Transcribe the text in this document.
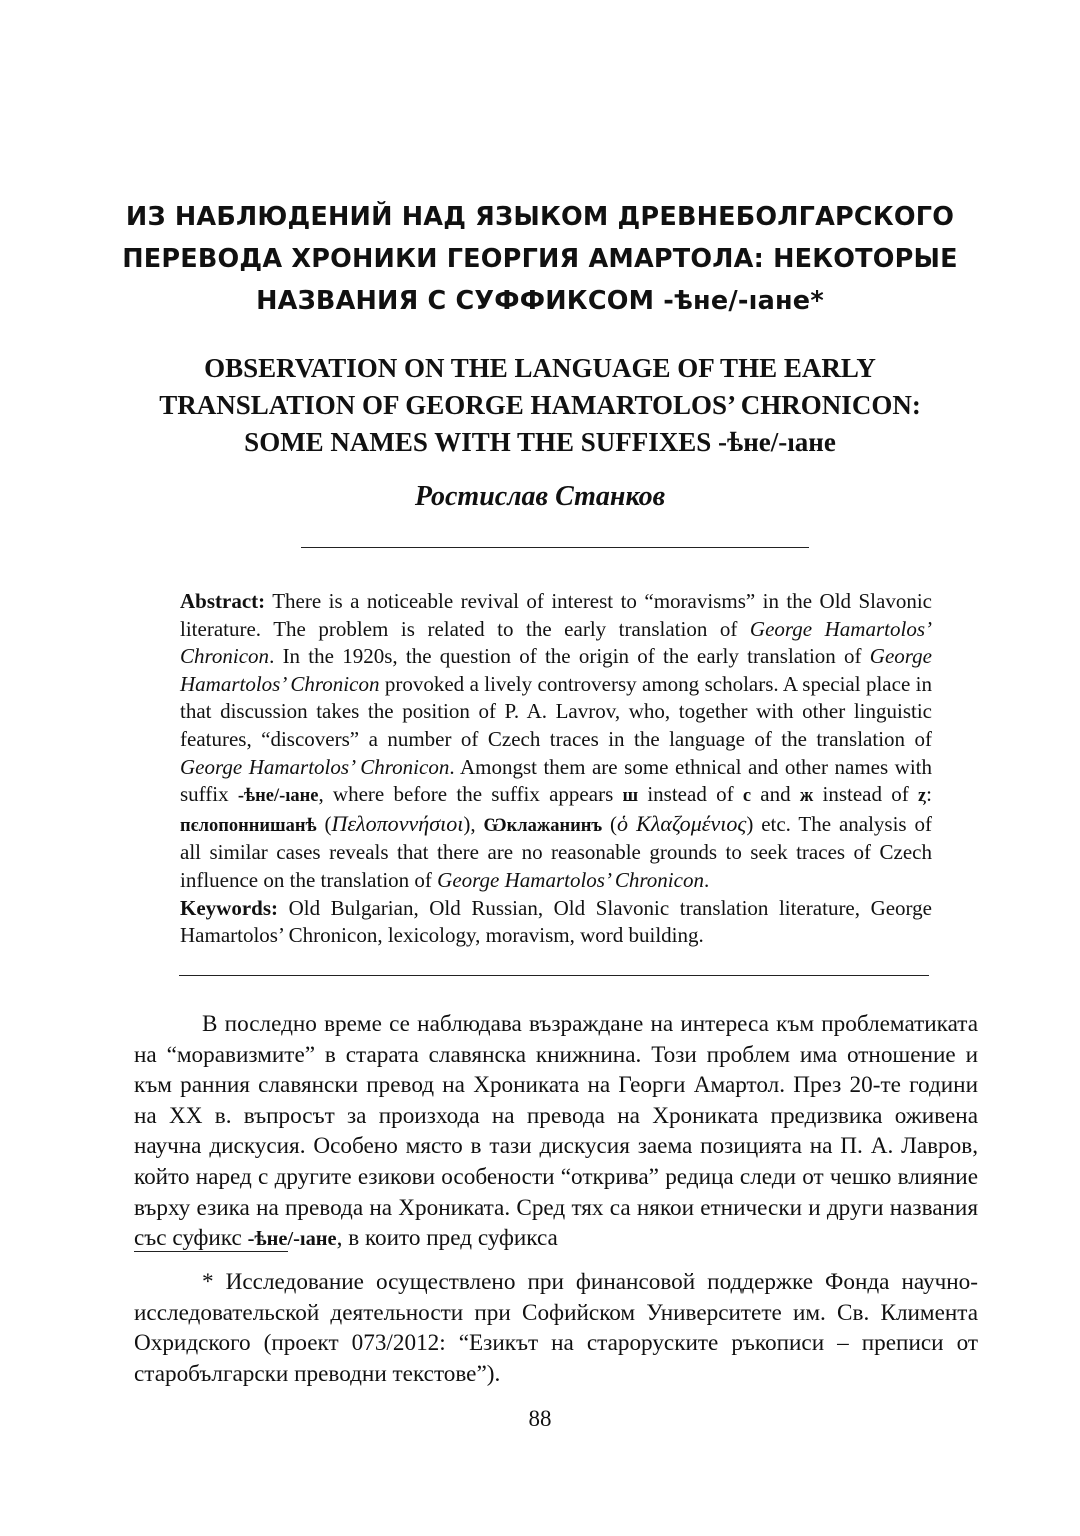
ИЗ НАБЛЮДЕНИЙ НАД ЯЗЫКОМ ДРЕВНЕБОЛГАРСКОГО
ПЕРЕВОДА ХРОНИКИ ГЕОРГИЯ АМАРТОЛА: НЕКОТОРЫЕ
НАЗВАНИЯ С СУФФИКСОМ -ѣне/-ıане*
OBSERVATION ON THE LANGUAGE OF THE EARLY
TRANSLATION OF GEORGE HAMARTOLOS’ CHRONICON:
SOME NAMES WITH THE SUFFIXES -ѣне/-ıане
Ростислав Станков

Abstract: There is a noticeable revival of interest to “moravisms” in the Old Slavonic literature. The problem is related to the early translation of George Hamartolos’ Chronicon. In the 1920s, the question of the origin of the early translation of George Hamartolos’ Chronicon provoked a lively controversy among scholars. A special place in that discussion takes the position of P. A. Lavrov, who, together with other linguistic features, “discovers” a number of Czech traces in the language of the translation of George Hamartolos’ Chronicon. Amongst them are some ethnical and other names with suffix -ѣне/-ıане, where before the suffix appears ш instead of с and ж instead of ȥ: пєлопоннишанѣ (Πελοποννήσιοι), Ѡклажанинъ (ὁ Κλαζομένιος) etc. The analysis of all similar cases reveals that there are no reasonable grounds to seek traces of Czech influence on the translation of George Hamartolos’ Chronicon.

Keywords: Old Bulgarian, Old Russian, Old Slavonic translation literature, George Hamartolos’ Chronicon, lexicology, moravism, word building.

В последно време се наблюдава възраждане на интереса към проблематиката на “моравизмите” в старата славянска книжнина. Този проблем има отношение и към ранния славянски превод на Хрониката на Георги Амартол. През 20-те години на XX в. въпросът за произхода на превода на Хрониката предизвика оживена научна дискусия. Особено място в тази дискусия заема позицията на П. А. Лавров, който наред с другите езикови особености “открива” редица следи от чешко влияние върху езика на превода на Хрониката. Сред тях са някои етнически и други названия със суфикс -ѣне/-ıане, в които пред суфикса

* Исследование осуществлено при финансовой поддержке Фонда научно-исследовательской деятельности при Софийском Университете им. Св. Климента Охридского (проект 073/2012: “Езикът на староруските ръкописи – преписи от старобългарски преводни текстове”).

88
